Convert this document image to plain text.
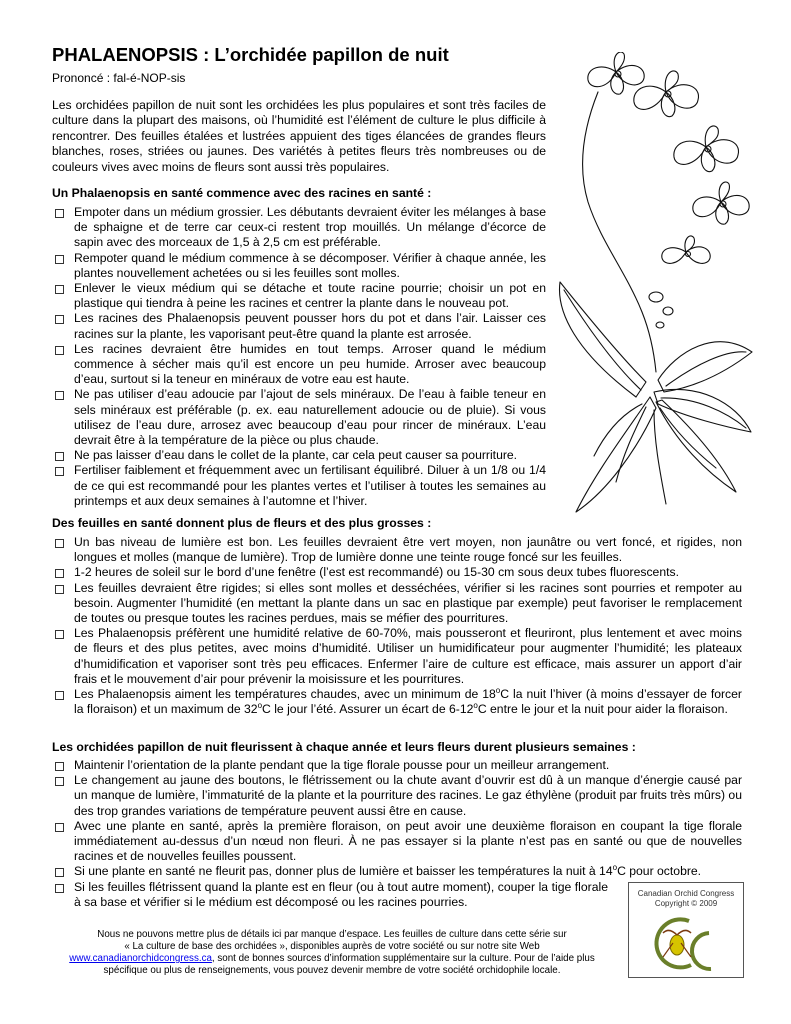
PHALAENOPSIS : L’orchidée papillon de nuit

Prononcé : fal-é-NOP-sis

Les orchidées papillon de nuit sont les orchidées les plus populaires et sont très faciles de culture dans la plupart des maisons, où l’humidité est l’élément de culture le plus difficile à rencontrer. Des feuilles étalées et lustrées appuient des tiges élancées de grandes fleurs blanches, roses, striées ou jaunes. Des variétés à petites fleurs très nombreuses ou de couleurs vives avec moins de fleurs sont aussi très populaires.

Un Phalaenopsis en santé commence avec des racines en santé :

Empoter dans un médium grossier. Les débutants devraient éviter les mélanges à base de sphaigne et de terre car ceux-ci restent trop mouillés. Un mélange d’écorce de sapin avec des morceaux de 1,5 à 2,5 cm est préférable.
Rempoter quand le médium commence à se décomposer. Vérifier à chaque année, les plantes nouvellement achetées ou si les feuilles sont molles.
Enlever le vieux médium qui se détache et toute racine pourrie; choisir un pot en plastique qui tiendra à peine les racines et centrer la plante dans le nouveau pot.
Les racines des Phalaenopsis peuvent pousser hors du pot et dans l’air. Laisser ces racines sur la plante, les vaporisant peut-être quand la plante est arrosée.
Les racines devraient être humides en tout temps. Arroser quand le médium commence à sécher mais qu’il est encore un peu humide. Arroser avec beaucoup d’eau, surtout si la teneur en minéraux de votre eau est haute.
Ne pas utiliser d’eau adoucie par l’ajout de sels minéraux. De l’eau à faible teneur en sels minéraux est préférable (p. ex. eau naturellement adoucie ou de pluie). Si vous utilisez de l’eau dure, arrosez avec beaucoup d’eau pour rincer de minéraux. L’eau devrait être à la température de la pièce ou plus chaude.
Ne pas laisser d’eau dans le collet de la plante, car cela peut causer sa pourriture.
Fertiliser faiblement et fréquemment avec un fertilisant équilibré. Diluer à un 1/8 ou 1/4 de ce qui est recommandé pour les plantes vertes et l’utiliser à toutes les semaines au printemps et aux deux semaines à l’automne et l’hiver.

Des feuilles en santé donnent plus de fleurs et des plus grosses :

Un bas niveau de lumière est bon. Les feuilles devraient être vert moyen, non jaunâtre ou vert foncé, et rigides, non longues et molles (manque de lumière). Trop de lumière donne une teinte rouge foncé sur les feuilles.
1-2 heures de soleil sur le bord d’une fenêtre (l’est est recommandé) ou 15-30 cm sous deux tubes fluorescents.
Les feuilles devraient être rigides; si elles sont molles et desséchées, vérifier si les racines sont pourries et rempoter au besoin. Augmenter l’humidité (en mettant la plante dans un sac en plastique par exemple) peut favoriser le remplacement de toutes ou presque toutes les racines perdues, mais se méfier des pourritures.
Les Phalaenopsis préfèrent une humidité relative de 60-70%, mais pousseront et fleuriront, plus lentement et avec moins de fleurs et des plus petites, avec moins d’humidité. Utiliser un humidificateur pour augmenter l’humidité; les plateaux d’humidification et vaporiser sont très peu efficaces. Enfermer l’aire de culture est efficace, mais assurer un apport d’air frais et le mouvement d’air pour prévenir la moisissure et les pourritures.
Les Phalaenopsis aiment les températures chaudes, avec un minimum de 18$^o$C la nuit l’hiver (à moins d’essayer de forcer la floraison) et un maximum de 32$^o$C le jour l’été. Assurer un écart de 6-12$^o$C entre le jour et la nuit pour aider la floraison.

Les orchidées papillon de nuit fleurissent à chaque année et leurs fleurs durent plusieurs semaines :

Maintenir l’orientation de la plante pendant que la tige florale pousse pour un meilleur arrangement.
Le changement au jaune des boutons, le flétrissement ou la chute avant d’ouvrir est dû à un manque d’énergie causé par un manque de lumière, l’immaturité de la plante et la pourriture des racines. Le gaz éthylène (produit par fruits très mûrs) ou des trop grandes variations de température peuvent aussi être en cause.
Avec une plante en santé, après la première floraison, on peut avoir une deuxième floraison en coupant la tige florale immédiatement au-dessus d’un nœud non fleuri. À ne pas essayer si la plante n’est pas en santé ou que de nouvelles racines et de nouvelles feuilles poussent.
Si une plante en santé ne fleurit pas, donner plus de lumière et baisser les températures la nuit à 14$^o$C pour octobre.
Si les feuilles flétrissent quand la plante est en fleur (ou à tout autre moment), couper la tige florale à sa base et vérifier si le médium est décomposé ou les racines pourries.
Nous ne pouvons mettre plus de détails ici par manque d’espace. Les feuilles de culture dans cette série sur
« La culture de base des orchidées », disponibles auprès de votre société ou sur notre site Web
www.canadianorchidcongress.ca, sont de bonnes sources d’information supplémentaire sur la culture. Pour de l’aide plus
spécifique ou plus de renseignements, vous pouvez devenir membre de votre société orchidophile locale.
Canadian Orchid Congress
Copyright © 2009
